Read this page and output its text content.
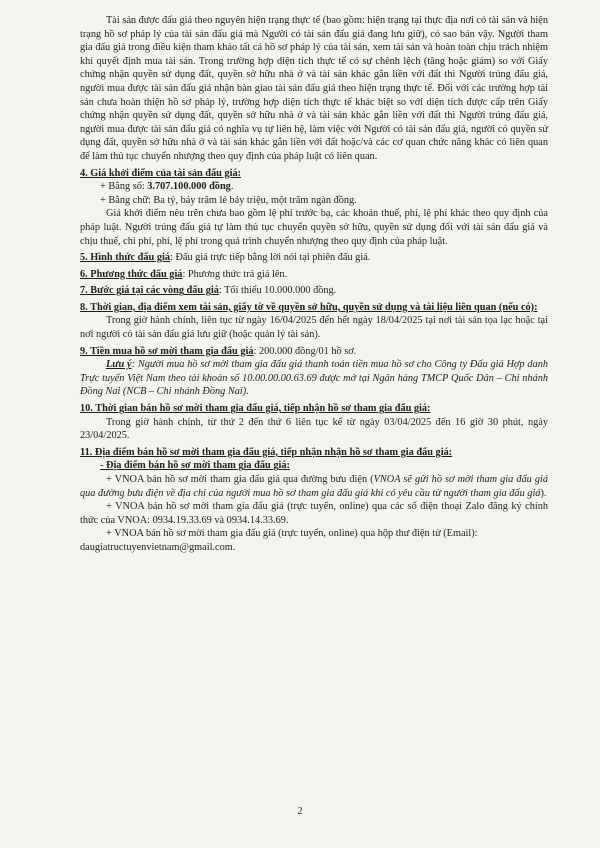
Tài sản được đấu giá theo nguyên hiện trạng thực tế (bao gồm: hiện trạng tại thực địa nơi có tài sản và hiện trạng hồ sơ pháp lý của tài sản đấu giá mà Người có tài sản đấu giá đang lưu giữ), có sao bán vậy. Người tham gia đấu giá trong điều kiện tham khảo tất cả hồ sơ pháp lý của tài sản, xem tài sản và hoàn toàn chịu trách nhiệm khi quyết định mua tài sản. Trong trường hợp diện tích thực tế có sự chênh lệch (tăng hoặc giảm) so với Giấy chứng nhận quyền sử dụng đất, quyền sở hữu nhà ở và tài sản khác gắn liền với đất thì Người trúng đấu giá, người mua được tài sản đấu giá nhận bàn giao tài sản đấu giá theo hiện trạng thực tế. Đối với các trường hợp tài sản chưa hoàn thiện hồ sơ pháp lý, trường hợp diện tích thực tế khác biệt so với diện tích được cấp trên Giấy chứng nhận quyền sử dụng đất, quyền sở hữu nhà ở và tài sản khác gắn liền với đất thì Người trúng đấu giá, người mua được tài sản đấu giá có nghĩa vụ tự liên hệ, làm việc với Người có tài sản đấu giá, người có quyền sử dụng đất, quyền sở hữu nhà ở và tài sản khác gắn liền với đất hoặc/và các cơ quan chức năng khác có liên quan để làm thủ tục chuyển nhượng theo quy định của pháp luật có liên quan.

4. Giá khởi điểm của tài sản đấu giá:

+ Bằng số: 3.707.100.000 đồng.

+ Bằng chữ: Ba tỷ, bảy trăm lẻ bảy triệu, một trăm ngàn đồng.

Giá khởi điểm nêu trên chưa bao gồm lệ phí trước bạ, các khoản thuế, phí, lệ phí khác theo quy định của pháp luật. Người trúng đấu giá tự làm thủ tục chuyển quyền sở hữu, quyền sử dụng đối với tài sản đấu giá và chịu thuế, chi phí, phí, lệ phí trong quá trình chuyển nhượng theo quy định của pháp luật.

5. Hình thức đấu giá: Đấu giá trực tiếp bằng lời nói tại phiên đấu giá.

6. Phương thức đấu giá: Phương thức trả giá lên.

7. Bước giá tại các vòng đấu giá: Tối thiểu 10.000.000 đồng.

8. Thời gian, địa điểm xem tài sản, giấy tờ về quyền sở hữu, quyền sử dụng và tài liệu liên quan (nếu có):

Trong giờ hành chính, liên tục từ ngày 16/04/2025 đến hết ngày 18/04/2025 tại nơi tài sản tọa lạc hoặc tại nơi người có tài sản đấu giá lưu giữ (hoặc quản lý tài sản).

9. Tiền mua hồ sơ mời tham gia đấu giá: 200.000 đồng/01 hồ sơ.

Lưu ý: Người mua hồ sơ mời tham gia đấu giá thanh toán tiền mua hồ sơ cho Công ty Đấu giá Hợp danh Trực tuyến Việt Nam theo tài khoản số 10.00.00.00.63.69 được mở tại Ngân hàng TMCP Quốc Dân – Chi nhánh Đồng Nai (NCB – Chi nhánh Đồng Nai).

10. Thời gian bán hồ sơ mời tham gia đấu giá, tiếp nhận hồ sơ tham gia đấu giá:

Trong giờ hành chính, từ thứ 2 đến thứ 6 liên tục kể từ ngày 03/04/2025 đến 16 giờ 30 phút, ngày 23/04/2025.

11. Địa điểm bán hồ sơ mời tham gia đấu giá, tiếp nhận nhận hồ sơ tham gia đấu giá:

- Địa điểm bán hồ sơ mời tham gia đấu giá:

+ VNOA bán hồ sơ mời tham gia đấu giá qua đường bưu điện (VNOA sẽ gửi hồ sơ mời tham gia đấu giá qua đường bưu điện về địa chỉ của người mua hồ sơ tham gia đấu giá khi có yêu cầu từ người tham gia đấu giá).

+ VNOA bán hồ sơ mời tham gia đấu giá (trực tuyến, online) qua các số điện thoại Zalo đăng ký chính thức của VNOA: 0934.19.33.69 và 0934.14.33.69.

+ VNOA bán hồ sơ mời tham gia đấu giá (trực tuyến, online) qua hộp thư điện tử (Email):

daugiatructuyenvietnam@gmail.com.

2
